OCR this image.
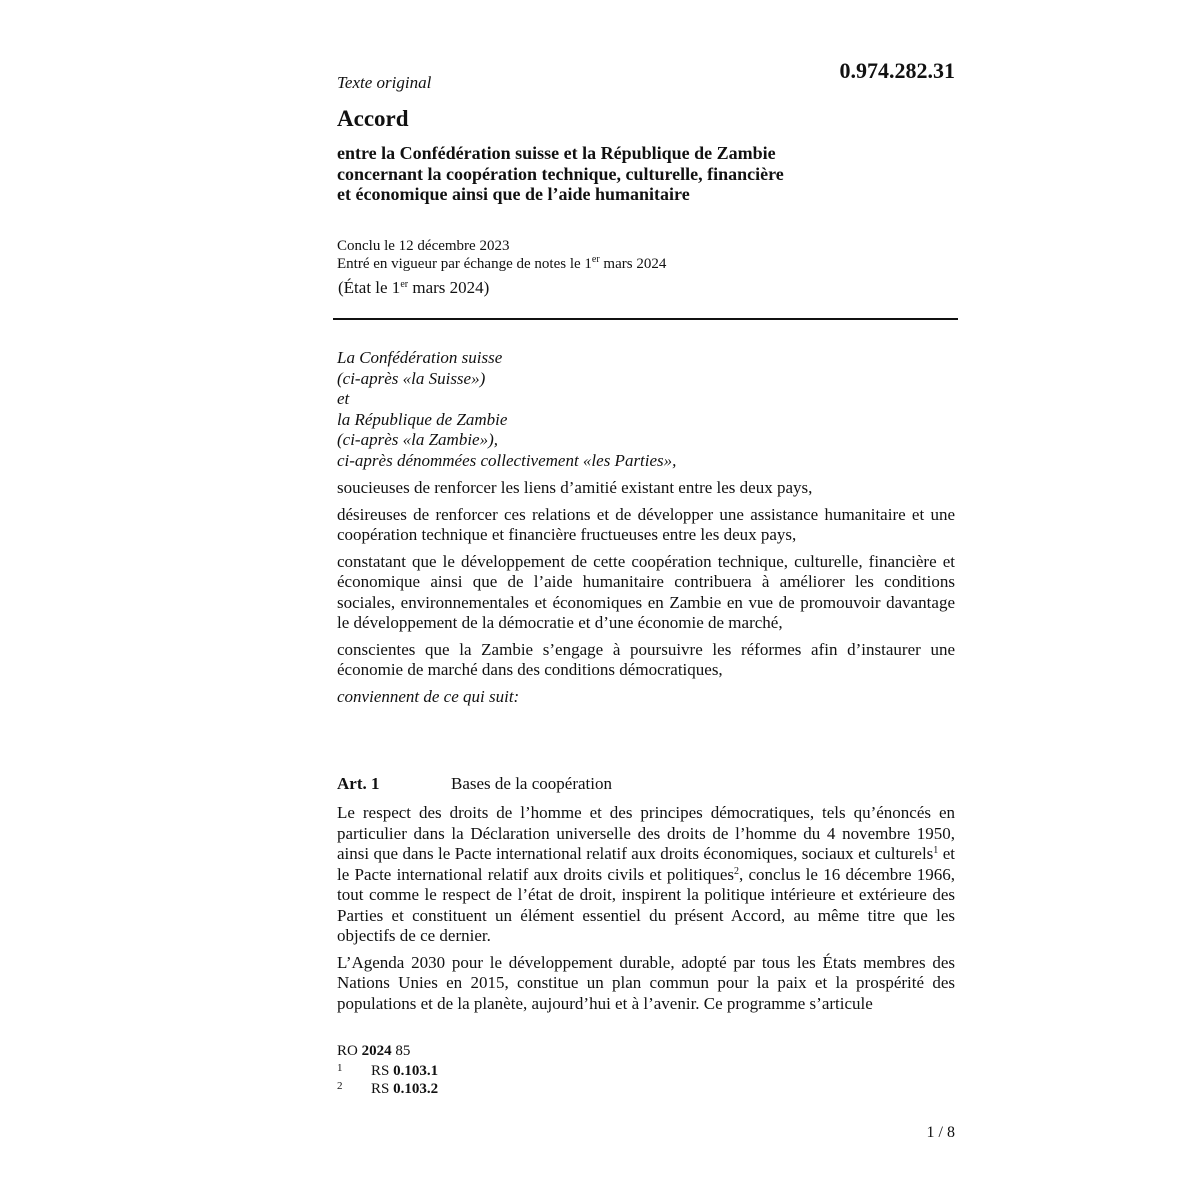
0.974.282.31
Texte original
Accord
entre la Confédération suisse et la République de Zambie
concernant la coopération technique, culturelle, financière
et économique ainsi que de l’aide humanitaire
Conclu le 12 décembre 2023
Entré en vigueur par échange de notes le 1er mars 2024
(État le 1er mars 2024)
La Confédération suisse
(ci-après «la Suisse»)
et
la République de Zambie
(ci-après «la Zambie»),
ci-après dénommées collectivement «les Parties»,

soucieuses de renforcer les liens d’amitié existant entre les deux pays,

désireuses de renforcer ces relations et de développer une assistance humanitaire et une coopération technique et financière fructueuses entre les deux pays,

constatant que le développement de cette coopération technique, culturelle, financière et économique ainsi que de l’aide humanitaire contribuera à améliorer les conditions sociales, environnementales et économiques en Zambie en vue de promouvoir davantage le développement de la démocratie et d’une économie de marché,

conscientes que la Zambie s’engage à poursuivre les réformes afin d’instaurer une économie de marché dans des conditions démocratiques,

conviennent de ce qui suit:

Art. 1	Bases de la coopération

Le respect des droits de l’homme et des principes démocratiques, tels qu’énoncés en particulier dans la Déclaration universelle des droits de l’homme du 4 novembre 1950, ainsi que dans le Pacte international relatif aux droits économiques, sociaux et culturels$^1$ et le Pacte international relatif aux droits civils et politiques$^2$, conclus le 16 décembre 1966, tout comme le respect de l’état de droit, inspirent la politique intérieure et extérieure des Parties et constituent un élément essentiel du présent Accord, au même titre que les objectifs de ce dernier.

L’Agenda 2030 pour le développement durable, adopté par tous les États membres des Nations Unies en 2015, constitue un plan commun pour la paix et la prospérité des populations et de la planète, aujourd’hui et à l’avenir. Ce programme s’articule

RO 2024 85
1 RS 0.103.1
2 RS 0.103.2
1 / 8
